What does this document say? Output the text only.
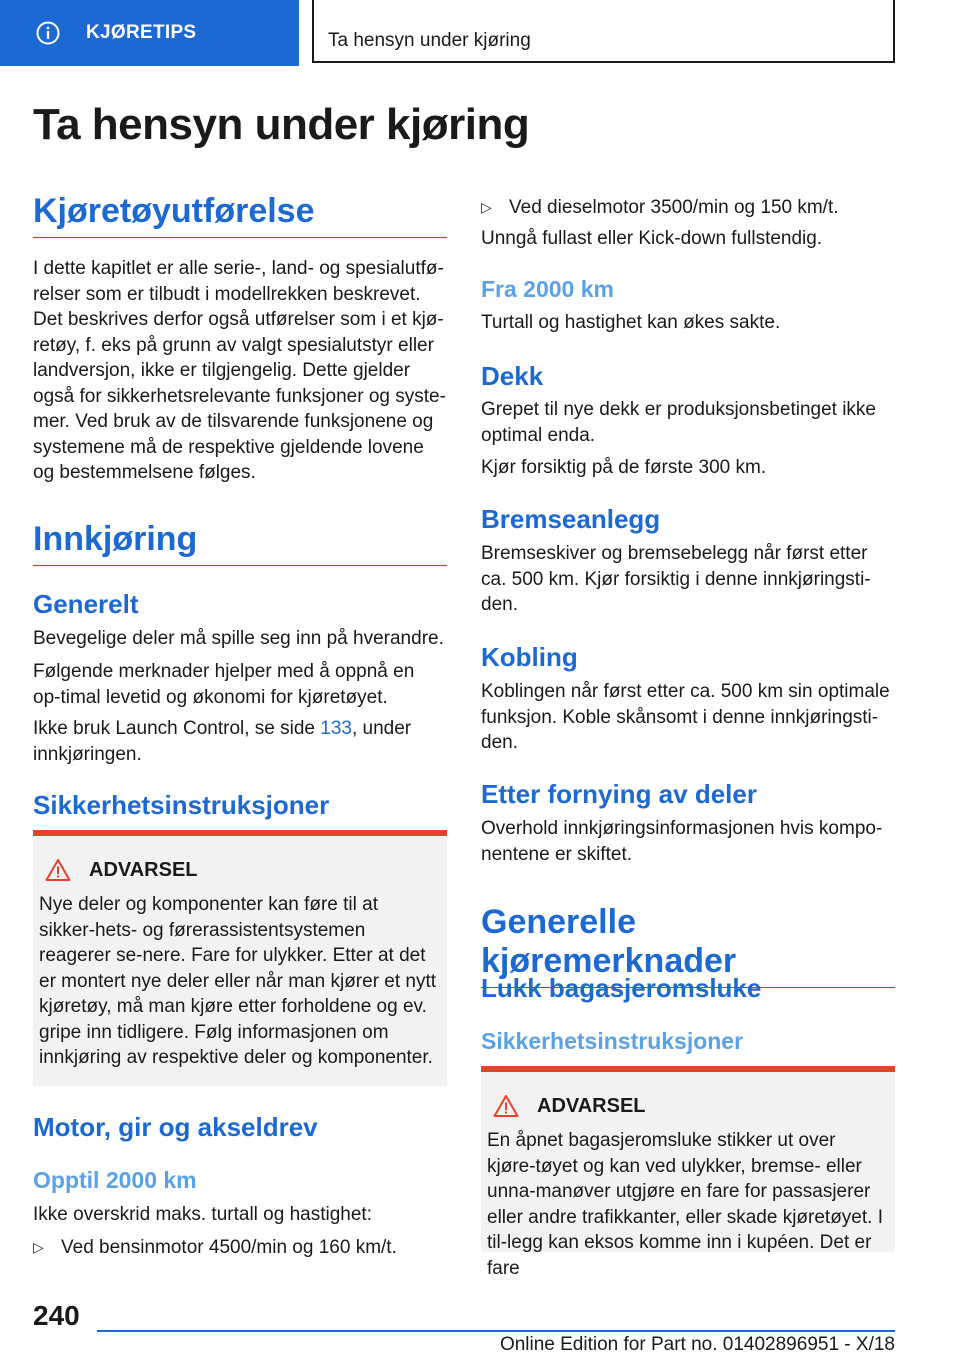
KJØRETIPS	Ta hensyn under kjøring
Ta hensyn under kjøring
Kjøretøyutførelse

I dette kapitlet er alle serie-, land- og spesialutfø-relser som er tilbudt i modellrekken beskrevet. Det beskrives derfor også utførelser som i et kjø-retøy, f. eks på grunn av valgt spesialutstyr eller landversjon, ikke er tilgjengelig. Dette gjelder også for sikkerhetsrelevante funksjoner og syste-mer. Ved bruk av de tilsvarende funksjonene og systemene må de respektive gjeldende lovene og bestemmelsene følges.

Innkjøring
Generelt

Bevegelige deler må spille seg inn på hverandre.

Følgende merknader hjelper med å oppnå en op-timal levetid og økonomi for kjøretøyet.

Ikke bruk Launch Control, se side 133, under innkjøringen.

Sikkerhetsinstruksjoner
ADVARSEL

Nye deler og komponenter kan føre til at sikker-hets- og førerassistentsystemen reagerer se-nere. Fare for ulykker. Etter at det er montert nye deler eller når man kjører et nytt kjøretøy, må man kjøre etter forholdene og ev. gripe inn tidligere. Følg informasjonen om innkjøring av respektive deler og komponenter.

Motor, gir og akseldrev
Opptil 2000 km

Ikke overskrid maks. turtall og hastighet:

▷ Ved bensinmotor 4500/min og 160 km/t.

▷ Ved dieselmotor 3500/min og 150 km/t.

Unngå fullast eller Kick-down fullstendig.

Fra 2000 km

Turtall og hastighet kan økes sakte.

Dekk

Grepet til nye dekk er produksjonsbetinget ikke optimal enda.

Kjør forsiktig på de første 300 km.

Bremseanlegg

Bremseskiver og bremsebelegg når først etter ca. 500 km. Kjør forsiktig i denne innkjøringsti-den.

Kobling

Koblingen når først etter ca. 500 km sin optimale funksjon. Koble skånsomt i denne innkjøringsti-den.

Etter fornying av deler

Overhold innkjøringsinformasjonen hvis kompo-nentene er skiftet.

Generelle kjøremerknader
Lukk bagasjeromsluke
Sikkerhetsinstruksjoner
ADVARSEL

En åpnet bagasjeromsluke stikker ut over kjøre-tøyet og kan ved ulykker, bremse- eller unna-manøver utgjøre en fare for passasjerer eller andre trafikkanter, eller skade kjøretøyet. I til-legg kan eksos komme inn i kupéen. Det er fare

240

Online Edition for Part no. 01402896951 - X/18
